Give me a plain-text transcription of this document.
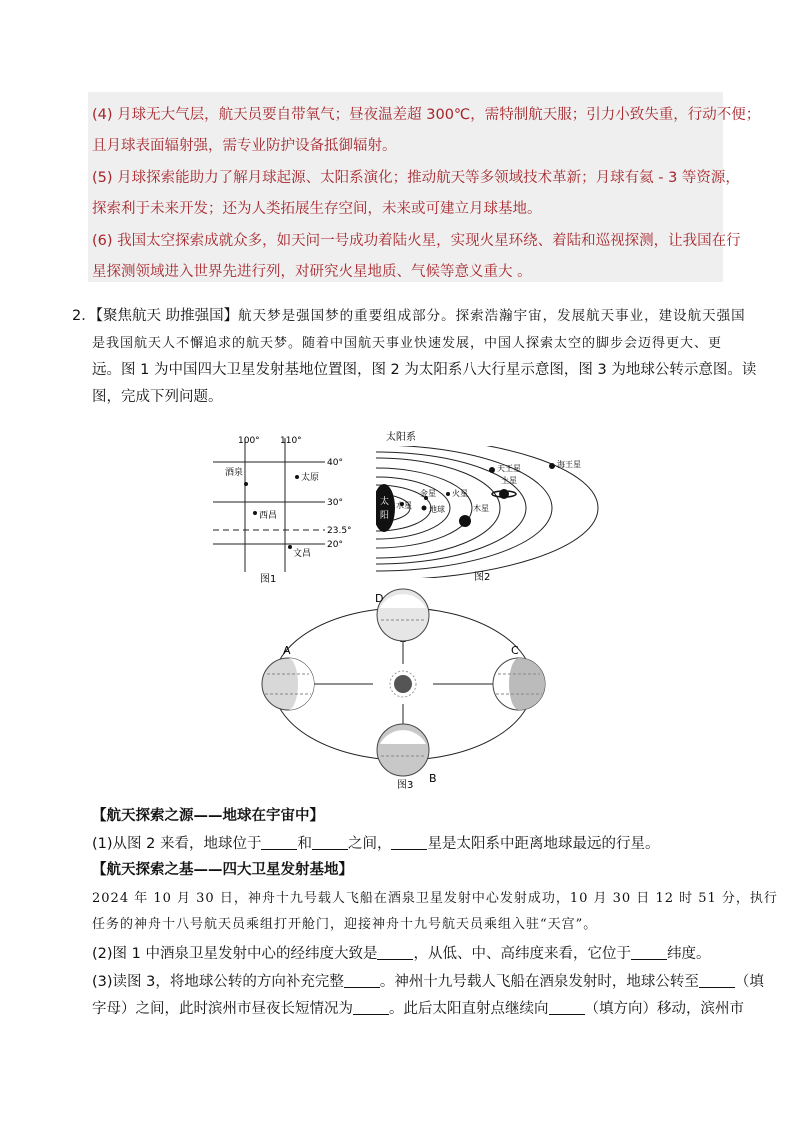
(4) 月球无大气层，航天员要自带氧气；昼夜温差超 300℃，需特制航天服；引力小致失重，行动不便；
且月球表面辐射强，需专业防护设备抵御辐射。
(5) 月球探索能助力了解月球起源、太阳系演化；推动航天等多领域技术革新；月球有氦 - 3 等资源，
探索利于未来开发；还为人类拓展生存空间，未来或可建立月球基地。
(6) 我国太空探索成就众多，如天问一号成功着陆火星，实现火星环绕、着陆和巡视探测，让我国在行
星探测领域进入世界先进行列，对研究火星地质、气候等意义重大 。
2．【聚焦航天 助推强国】航天梦是强国梦的重要组成部分。探索浩瀚宇宙，发展航天事业，建设航天强国
是我国航天人不懈追求的航天梦。随着中国航天事业快速发展，中国人探索太空的脚步会迈得更大、更
远。图 1 为中国四大卫星发射基地位置图，图 2 为太阳系八大行星示意图，图 3 为地球公转示意图。读
图，完成下列问题。
100° 110°
40°
30°
23.5°
20°
酒泉	太原
西昌
文昌
图1
太阳系
太
阳
水星
金星 火星
地球	木星
土星
天王星	海王星
图2
A
B
C
D
图3
【航天探索之源——地球在宇宙中】
(1)从图 2 来看，地球位于 和 之间， 星是太阳系中距离地球最远的行星。
【航天探索之基——四大卫星发射基地】
2024 年 10 月 30 日，神舟十九号载人飞船在酒泉卫星发射中心发射成功，10 月 30 日 12 时 51 分，执行
任务的神舟十八号航天员乘组打开舱门，迎接神舟十九号航天员乘组入驻“天宫”。
(2)图 1 中酒泉卫星发射中心的经纬度大致是 ，从低、中、高纬度来看，它位于 纬度。
(3)读图 3，将地球公转的方向补充完整 。神州十九号载人飞船在酒泉发射时，地球公转至 （填
字母）之间，此时滨州市昼夜长短情况为 。此后太阳直射点继续向 （填方向）移动，滨州市
